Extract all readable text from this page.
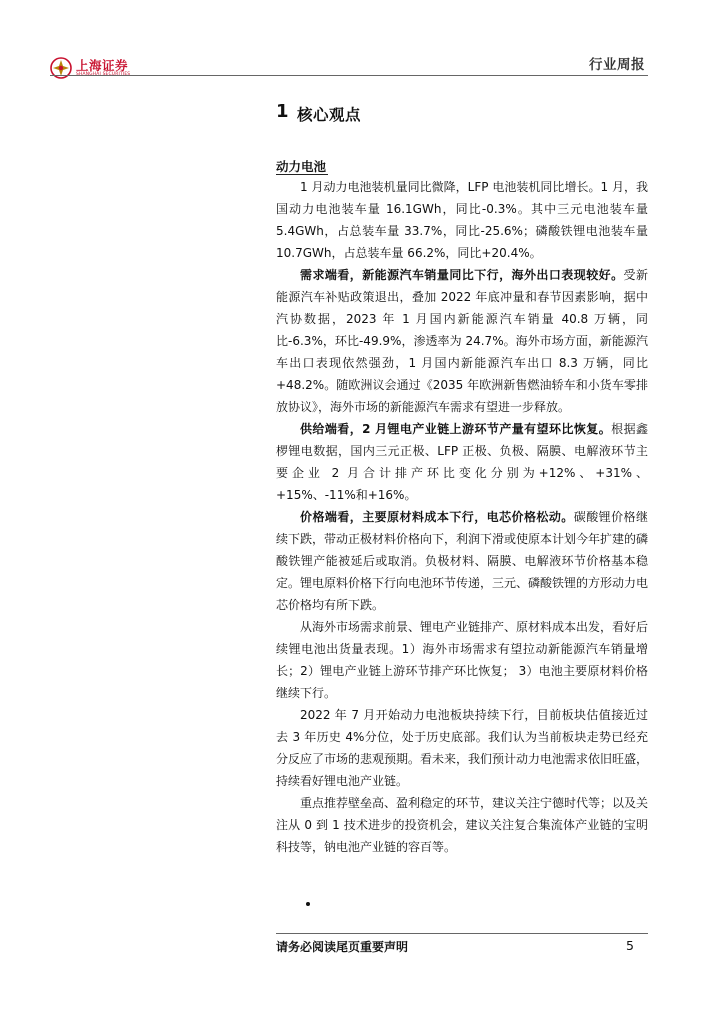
上海证券
SHANGHAI SECURITIES
行业周报
1 核心观点
动力电池

1 月动力电池装机量同比微降，LFP 电池装机同比增长。1 月，我国动力电池装车量 16.1GWh，同比-0.3%。其中三元电池装车量 5.4GWh，占总装车量 33.7%，同比-25.6%；磷酸铁锂电池装车量 10.7GWh，占总装车量 66.2%，同比+20.4%。

需求端看，新能源汽车销量同比下行，海外出口表现较好。受新能源汽车补贴政策退出，叠加 2022 年底冲量和春节因素影响，据中汽协数据，2023 年 1 月国内新能源汽车销量 40.8 万辆，同比-6.3%，环比-49.9%，渗透率为 24.7%。海外市场方面，新能源汽车出口表现依然强劲，1 月国内新能源汽车出口 8.3 万辆，同比+48.2%。随欧洲议会通过《2035 年欧洲新售燃油轿车和小货车零排放协议》，海外市场的新能源汽车需求有望进一步释放。

供给端看，2 月锂电产业链上游环节产量有望环比恢复。根据鑫椤锂电数据，国内三元正极、LFP 正极、负极、隔膜、电解液环节主要企业 2 月合计排产环比变化分别为+12%、+31%、+15%、-11%和+16%。

价格端看，主要原材料成本下行，电芯价格松动。碳酸锂价格继续下跌，带动正极材料价格向下，利润下滑或使原本计划今年扩建的磷酸铁锂产能被延后或取消。负极材料、隔膜、电解液环节价格基本稳定。锂电原料价格下行向电池环节传递，三元、磷酸铁锂的方形动力电芯价格均有所下跌。

从海外市场需求前景、锂电产业链排产、原材料成本出发，看好后续锂电池出货量表现。1）海外市场需求有望拉动新能源汽车销量增长；2）锂电产业链上游环节排产环比恢复； 3）电池主要原材料价格继续下行。

2022 年 7 月开始动力电池板块持续下行，目前板块估值接近过去 3 年历史 4%分位，处于历史底部。我们认为当前板块走势已经充分反应了市场的悲观预期。看未来，我们预计动力电池需求依旧旺盛，持续看好锂电池产业链。

重点推荐壁垒高、盈利稳定的环节，建议关注宁德时代等；以及关注从 0 到 1 技术进步的投资机会，建议关注复合集流体产业链的宝明科技等，钠电池产业链的容百等。

请务必阅读尾页重要声明	5
